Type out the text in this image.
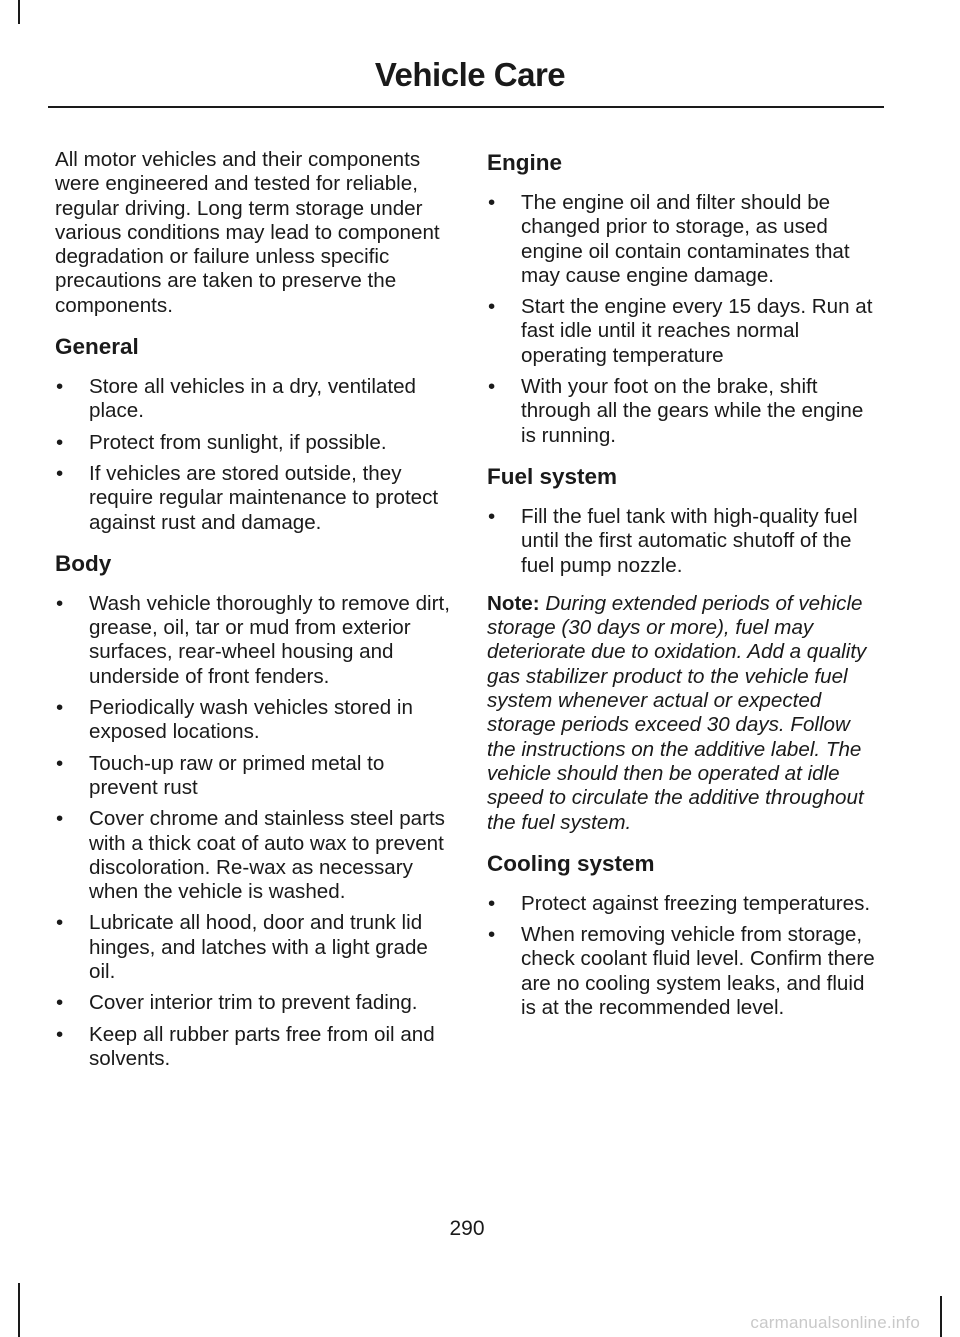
Vehicle Care

All motor vehicles and their components were engineered and tested for reliable, regular driving. Long term storage under various conditions may lead to component degradation or failure unless specific precautions are taken to preserve the components.

General
• Store all vehicles in a dry, ventilated place.
• Protect from sunlight, if possible.
• If vehicles are stored outside, they require regular maintenance to protect against rust and damage.
Body
• Wash vehicle thoroughly to remove dirt, grease, oil, tar or mud from exterior surfaces, rear-wheel housing and underside of front fenders.
• Periodically wash vehicles stored in exposed locations.
• Touch-up raw or primed metal to prevent rust
• Cover chrome and stainless steel parts with a thick coat of auto wax to prevent discoloration. Re-wax as necessary when the vehicle is washed.
• Lubricate all hood, door and trunk lid hinges, and latches with a light grade oil.
• Cover interior trim to prevent fading.
• Keep all rubber parts free from oil and solvents.
Engine
• The engine oil and filter should be changed prior to storage, as used engine oil contain contaminates that may cause engine damage.
• Start the engine every 15 days. Run at fast idle until it reaches normal operating temperature
• With your foot on the brake, shift through all the gears while the engine is running.
Fuel system
• Fill the fuel tank with high-quality fuel until the first automatic shutoff of the fuel pump nozzle.

Note: During extended periods of vehicle storage (30 days or more), fuel may deteriorate due to oxidation. Add a quality gas stabilizer product to the vehicle fuel system whenever actual or expected storage periods exceed 30 days. Follow the instructions on the additive label. The vehicle should then be operated at idle speed to circulate the additive throughout the fuel system.

Cooling system
• Protect against freezing temperatures.
• When removing vehicle from storage, check coolant fluid level. Confirm there are no cooling system leaks, and fluid is at the recommended level.
290
carmanualsonline.info
